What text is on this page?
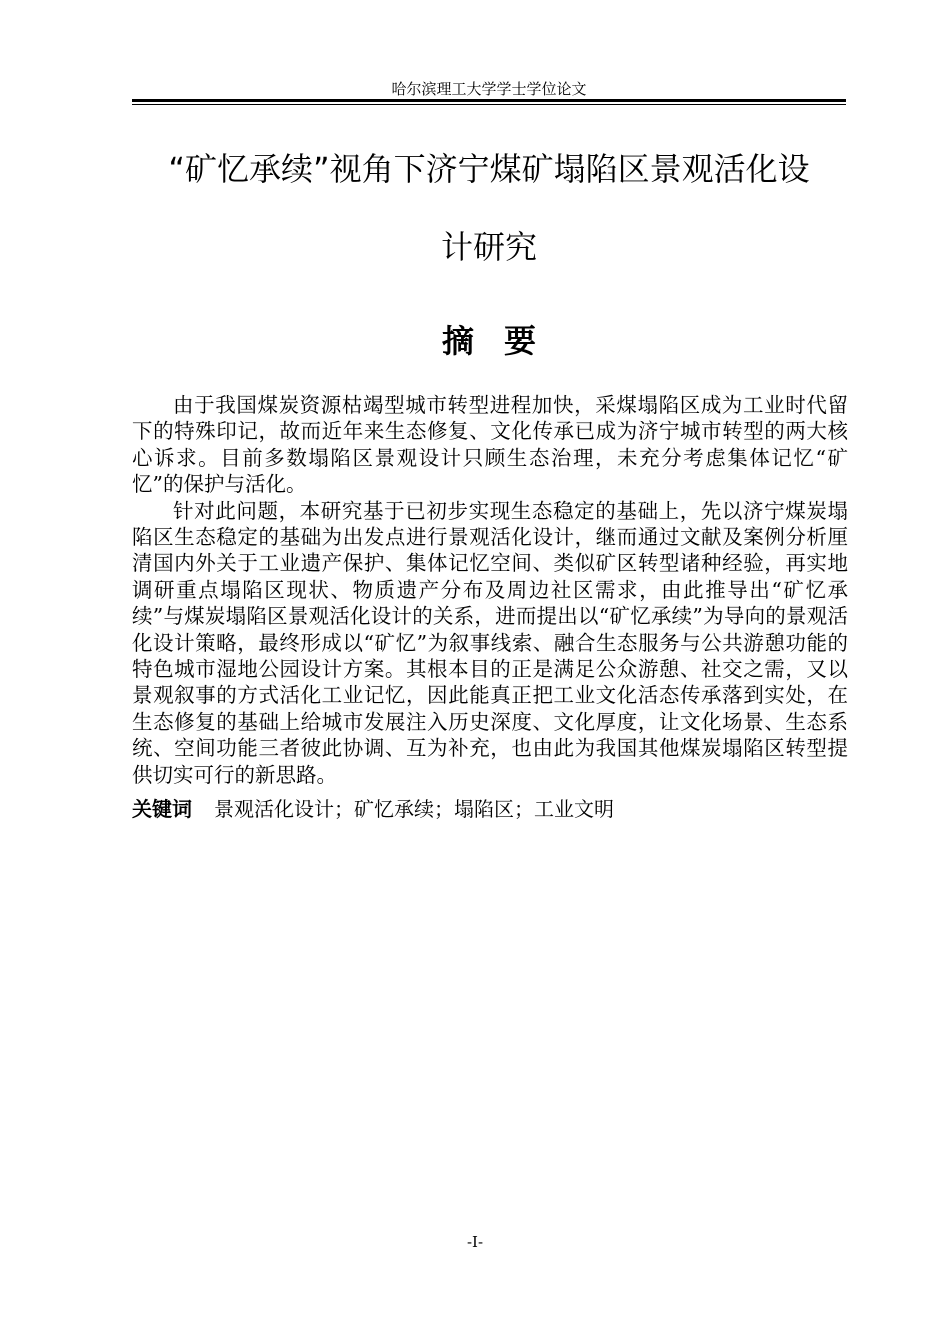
哈尔滨理工大学学士学位论文
“矿忆承续”视角下济宁煤矿塌陷区景观活化设
计研究
摘要

由于我国煤炭资源枯竭型城市转型进程加快，采煤塌陷区成为工业时代留下的特殊印记，故而近年来生态修复、文化传承已成为济宁城市转型的两大核心诉求。目前多数塌陷区景观设计只顾生态治理，未充分考虑集体记忆“矿忆”的保护与活化。

针对此问题，本研究基于已初步实现生态稳定的基础上，先以济宁煤炭塌陷区生态稳定的基础为出发点进行景观活化设计，继而通过文献及案例分析厘清国内外关于工业遗产保护、集体记忆空间、类似矿区转型诸种经验，再实地调研重点塌陷区现状、物质遗产分布及周边社区需求，由此推导出“矿忆承续”与煤炭塌陷区景观活化设计的关系，进而提出以“矿忆承续”为导向的景观活化设计策略，最终形成以“矿忆”为叙事线索、融合生态服务与公共游憩功能的特色城市湿地公园设计方案。其根本目的正是满足公众游憩、社交之需，又以景观叙事的方式活化工业记忆，因此能真正把工业文化活态传承落到实处，在生态修复的基础上给城市发展注入历史深度、文化厚度，让文化场景、生态系统、空间功能三者彼此协调、互为补充，也由此为我国其他煤炭塌陷区转型提供切实可行的新思路。

关键词 景观活化设计；矿忆承续；塌陷区；工业文明
-I-
